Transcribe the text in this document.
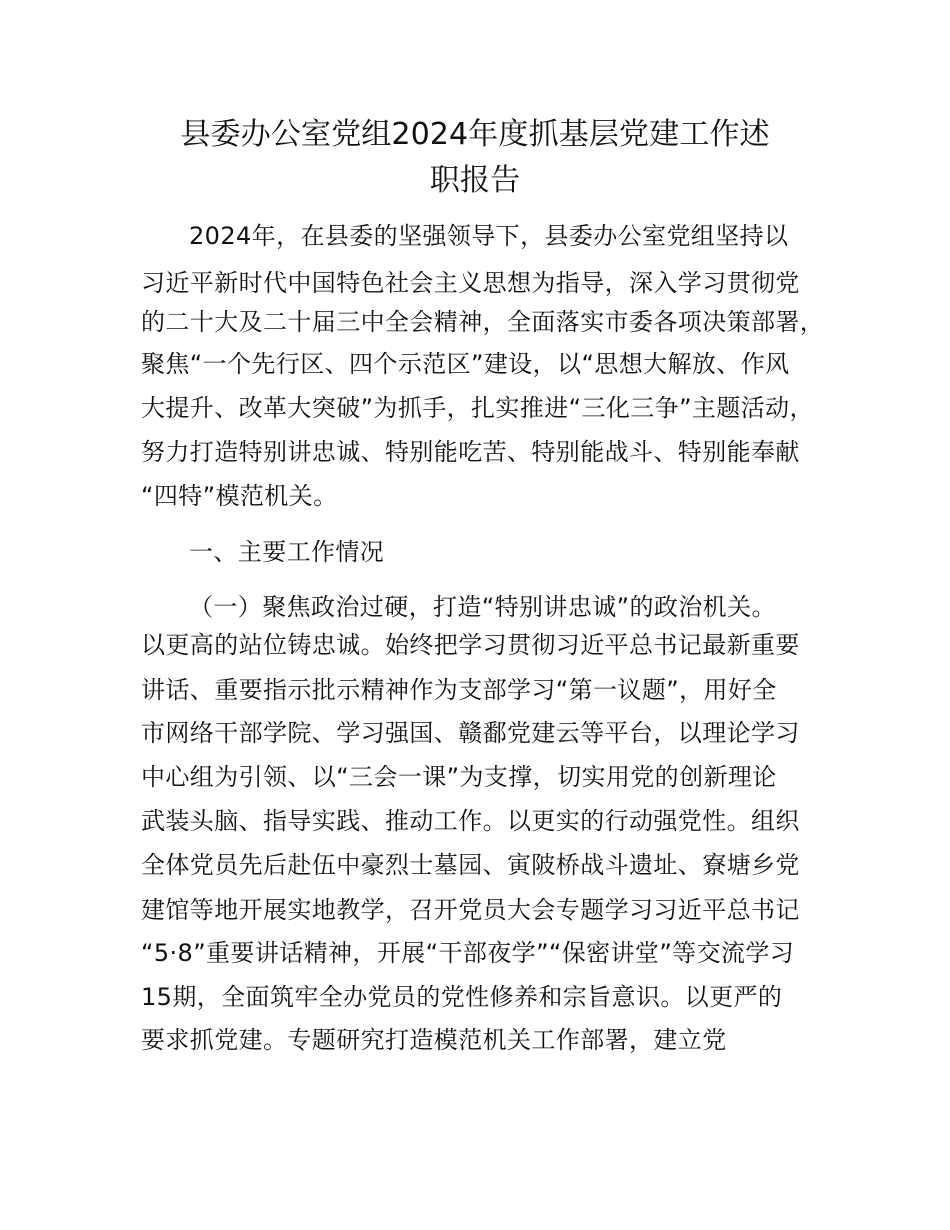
县委办公室党组2024年度抓基层党建工作述
职报告
2024年，在县委的坚强领导下，县委办公室党组坚持以
习近平新时代中国特色社会主义思想为指导，深入学习贯彻党
的二十大及二十届三中全会精神，全面落实市委各项决策部署，
聚焦“一个先行区、四个示范区”建设，以“思想大解放、作风
大提升、改革大突破”为抓手，扎实推进“三化三争”主题活动，
努力打造特别讲忠诚、特别能吃苦、特别能战斗、特别能奉献
“四特”模范机关。
一、主要工作情况
（一）聚焦政治过硬，打造“特别讲忠诚”的政治机关。
以更高的站位铸忠诚。始终把学习贯彻习近平总书记最新重要
讲话、重要指示批示精神作为支部学习“第一议题”，用好全
市网络干部学院、学习强国、赣鄱党建云等平台，以理论学习
中心组为引领、以“三会一课”为支撑，切实用党的创新理论
武装头脑、指导实践、推动工作。以更实的行动强党性。组织
全体党员先后赴伍中豪烈士墓园、寅陂桥战斗遗址、寮塘乡党
建馆等地开展实地教学，召开党员大会专题学习习近平总书记
“5·8”重要讲话精神，开展“干部夜学”“保密讲堂”等交流学习
15期，全面筑牢全办党员的党性修养和宗旨意识。以更严的
要求抓党建。专题研究打造模范机关工作部署，建立党
